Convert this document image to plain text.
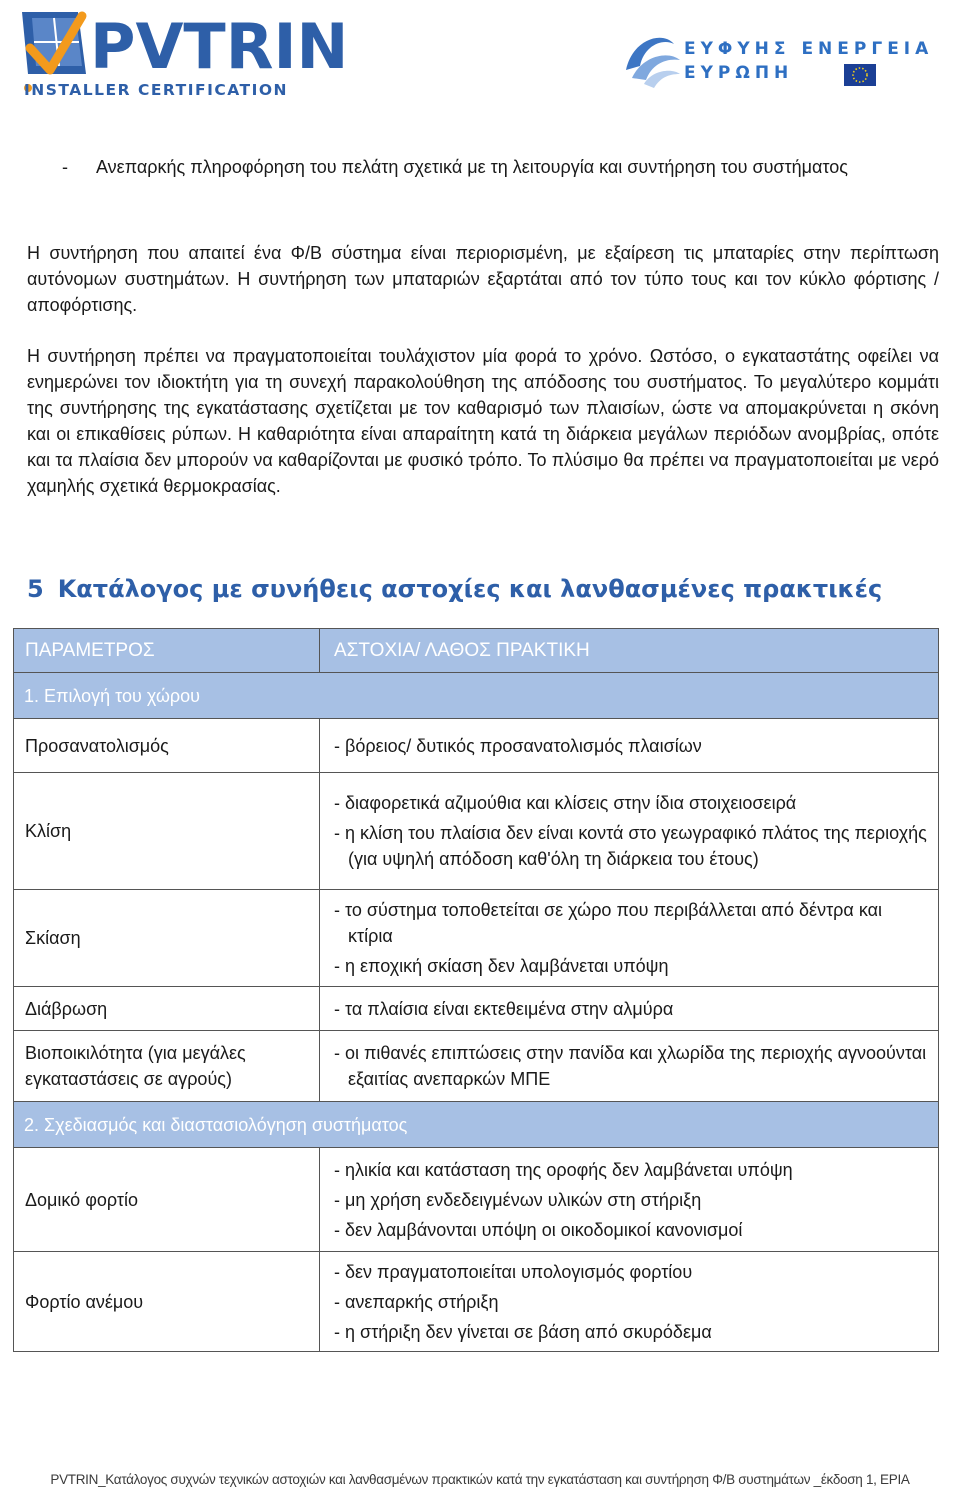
PVTRIN
INSTALLER CERTIFICATION
ΕΥΦΥΗΣ ΕΝΕΡΓΕΙΑ
ΕΥΡΩΠΗ
- Ανεπαρκής πληροφόρηση του πελάτη σχετικά με τη λειτουργία και συντήρηση του συστήματος
Η συντήρηση που απαιτεί ένα Φ/Β σύστημα είναι περιορισμένη, με εξαίρεση τις μπαταρίες στην περίπτωση αυτόνομων συστημάτων. Η συντήρηση των μπαταριών εξαρτάται από τον τύπο τους και τον κύκλο φόρτισης / αποφόρτισης.
Η συντήρηση πρέπει να πραγματοποιείται τουλάχιστον μία φορά το χρόνο. Ωστόσο, ο εγκαταστάτης οφείλει να ενημερώνει τον ιδιοκτήτη για τη συνεχή παρακολούθηση της απόδοσης του συστήματος. Το μεγαλύτερο κομμάτι της συντήρησης της εγκατάστασης σχετίζεται με τον καθαρισμό των πλαισίων, ώστε να απομακρύνεται η σκόνη και οι επικαθίσεις ρύπων. Η καθαριότητα είναι απαραίτητη κατά τη διάρκεια μεγάλων περιόδων ανομβρίας, οπότε και τα πλαίσια δεν μπορούν να καθαρίζονται με φυσικό τρόπο. Το πλύσιμο θα πρέπει να πραγματοποιείται με νερό χαμηλής σχετικά θερμοκρασίας.
5 Κατάλογος με συνήθεις αστοχίες και λανθασμένες πρακτικές
ΠΑΡΑΜΕΤΡΟΣ	ΑΣΤΟΧΙΑ/ ΛΑΘΟΣ ΠΡΑΚΤΙΚΗ
1. Επιλογή του χώρου	
Προσανατολισμός	- βόρειος/ δυτικός προσανατολισμός πλαισίων

Κλίση	- διαφορετικά αζιμούθια και κλίσεις στην ίδια στοιχειοσειρά
- η κλίση του πλαίσια δεν είναι κοντά στο γεωγραφικό πλάτος της περιοχής (για υψηλή απόδοση καθ'όλη τη διάρκεια του έτους)

Σκίαση	- το σύστημα τοποθετείται σε χώρο που περιβάλλεται από δέντρα και κτίρια
- η εποχική σκίαση δεν λαμβάνεται υπόψη

Διάβρωση	- τα πλαίσια είναι εκτεθειμένα στην αλμύρα

Βιοποικιλότητα (για μεγάλες εγκαταστάσεις σε αγρούς)	- οι πιθανές επιπτώσεις στην πανίδα και χλωρίδα της περιοχής αγνοούνται εξαιτίας ανεπαρκών ΜΠΕ

2. Σχεδιασμός και διαστασιολόγηση συστήματος	
Δομικό φορτίο	- ηλικία και κατάσταση της οροφής δεν λαμβάνεται υπόψη
- μη χρήση ενδεδειγμένων υλικών στη στήριξη
- δεν λαμβάνονται υπόψη οι οικοδομικοί κανονισμοί

Φορτίο ανέμου	- δεν πραγματοποιείται υπολογισμός φορτίου
- ανεπαρκής στήριξη
- η στήριξη δεν γίνεται σε βάση από σκυρόδεμα
PVTRIN_Κατάλογος συχνών τεχνικών αστοχιών και λανθασμένων πρακτικών κατά την εγκατάσταση και συντήρηση Φ/Β συστημάτων _έκδοση 1, ΕΡΙΑ
